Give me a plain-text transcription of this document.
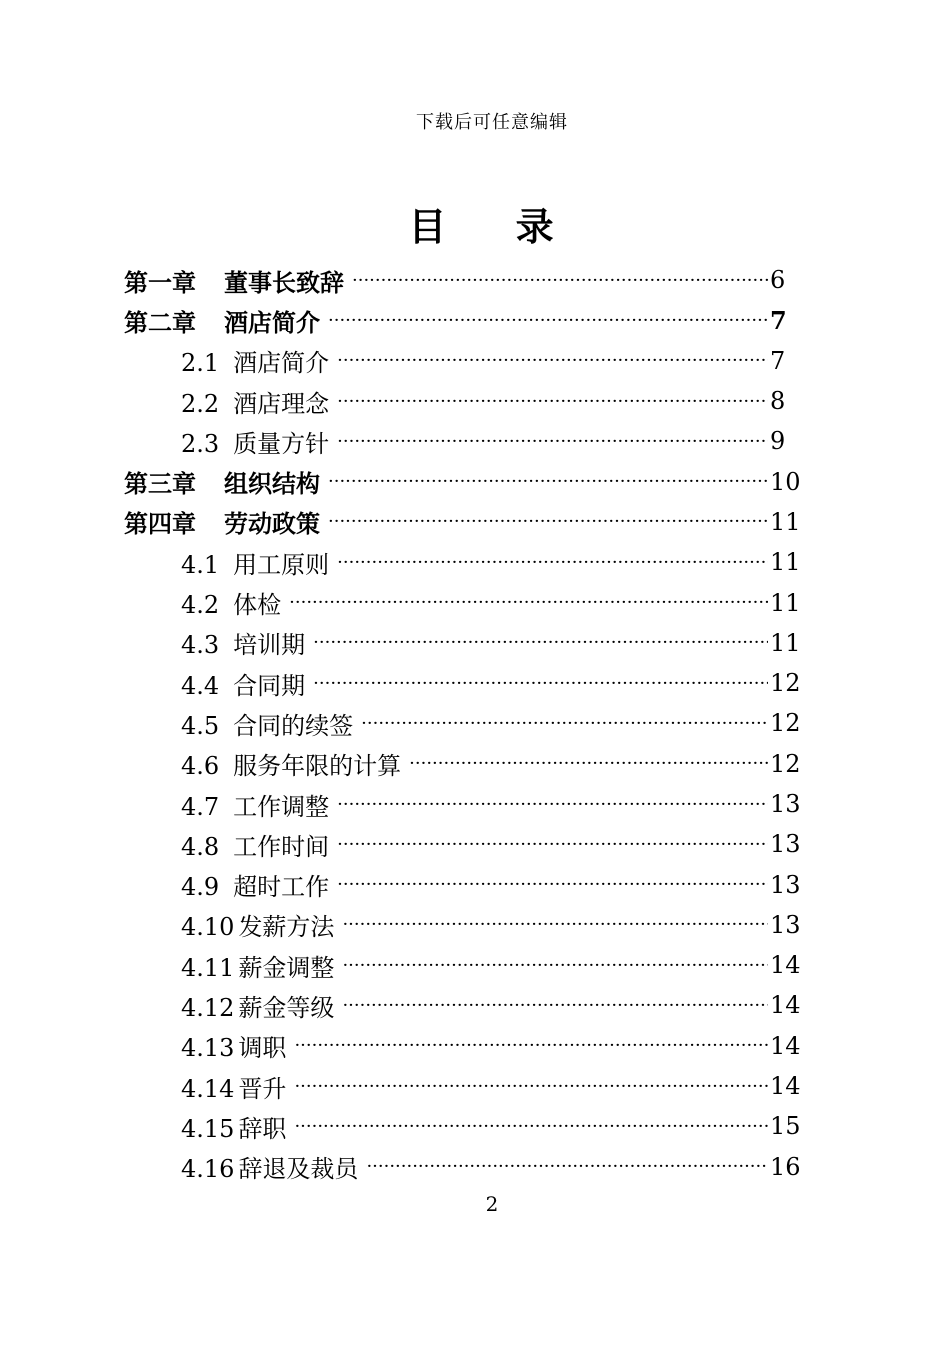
下载后可任意编辑
目 录
第一章 董事长致辞 ·····	6
第二章 酒店简介 ·····	7
2.1 酒店简介 ·····	7
2.2 酒店理念 ·····	8
2.3 质量方针 ·····	9
第三章 组织结构 ·····	10
第四章 劳动政策 ·····	11
4.1 用工原则 ·····	11
4.2 体检 ·····	11
4.3 培训期 ·····	11
4.4 合同期 ·····	12
4.5 合同的续签 ·····	12
4.6 服务年限的计算 ·····	12
4.7 工作调整 ·····	13
4.8 工作时间 ·····	13
4.9 超时工作 ·····	13
4.10 发薪方法 ·····	13
4.11 薪金调整 ·····	14
4.12 薪金等级 ·····	14
4.13 调职 ·····	14
4.14 晋升 ·····	14
4.15 辞职 ·····	15
4.16 辞退及裁员 ·····	16
2
